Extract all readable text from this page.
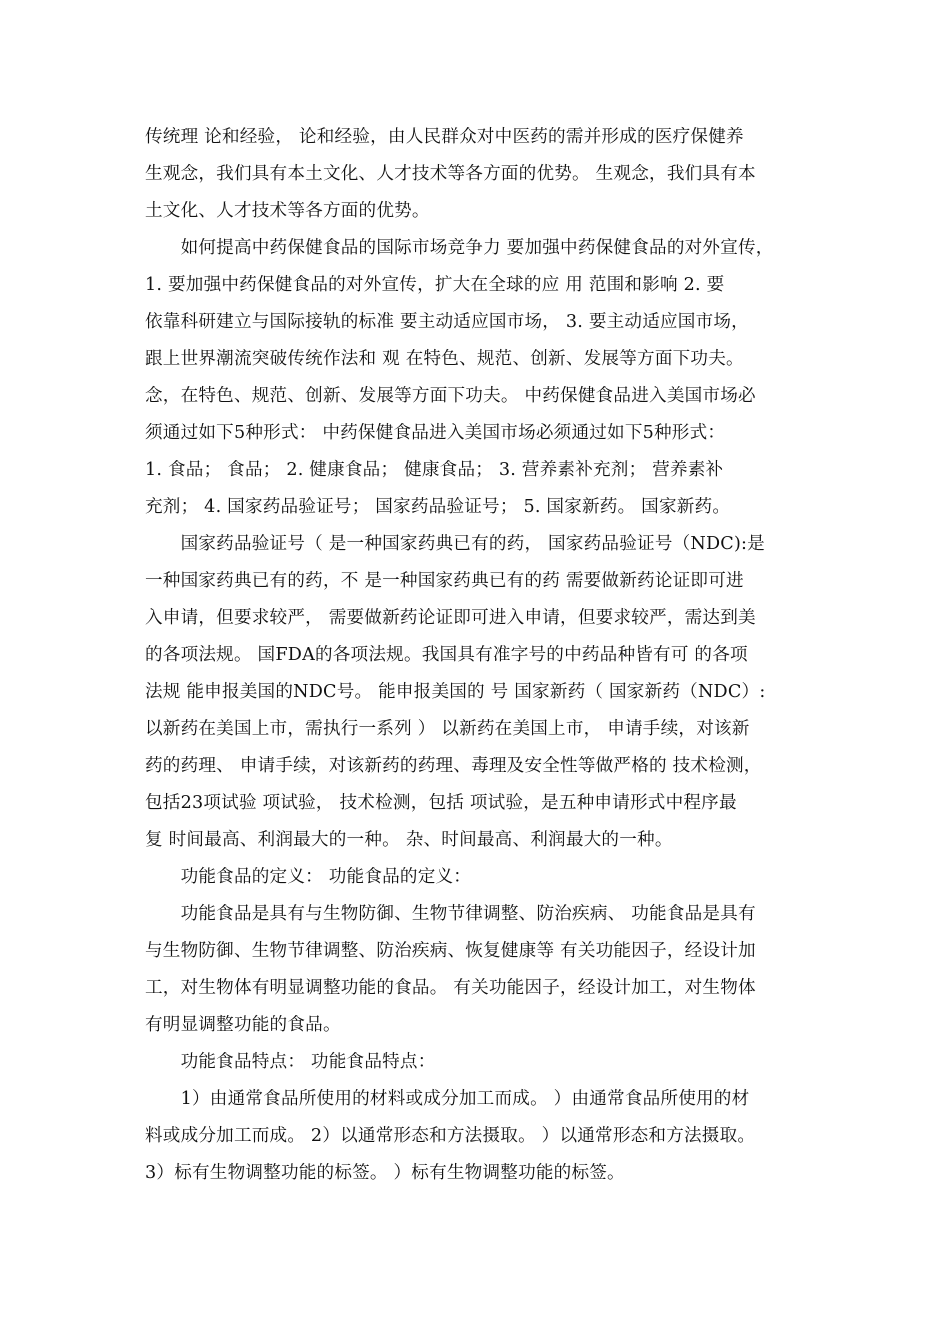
传统理 论和经验， 论和经验，由人民群众对中医药的需并形成的医疗保健养
生观念，我们具有本土文化、人才技术等各方面的优势。 生观念，我们具有本
土文化、人才技术等各方面的优势。
　　如何提高中药保健食品的国际市场竞争力 要加强中药保健食品的对外宣传，
1. 要加强中药保健食品的对外宣传，扩大在全球的应 用 范围和影响 2. 要
依靠科研建立与国际接轨的标准 要主动适应国市场， 3. 要主动适应国市场，
跟上世界潮流突破传统作法和 观 在特色、规范、创新、发展等方面下功夫。
念，在特色、规范、创新、发展等方面下功夫。 中药保健食品进入美国市场必
须通过如下5种形式： 中药保健食品进入美国市场必须通过如下5种形式：
1. 食品； 食品； 2. 健康食品； 健康食品； 3. 营养素补充剂； 营养素补
充剂； 4. 国家药品验证号； 国家药品验证号； 5. 国家新药。 国家新药。
　　国家药品验证号（ 是一种国家药典已有的药， 国家药品验证号（NDC):是
一种国家药典已有的药，不 是一种国家药典已有的药 需要做新药论证即可进
入申请，但要求较严， 需要做新药论证即可进入申请，但要求较严，需达到美
的各项法规。 国FDA的各项法规。我国具有准字号的中药品种皆有可 的各项
法规 能申报美国的NDC号。 能申报美国的 号 国家新药（ 国家新药（NDC）:
以新药在美国上市，需执行一系列 ） 以新药在美国上市， 申请手续，对该新
药的药理、 申请手续，对该新药的药理、毒理及安全性等做严格的 技术检测，
包括23项试验 项试验， 技术检测，包括 项试验，是五种申请形式中程序最
复 时间最高、利润最大的一种。 杂、时间最高、利润最大的一种。
　　功能食品的定义： 功能食品的定义：
　　功能食品是具有与生物防御、生物节律调整、防治疾病、 功能食品是具有
与生物防御、生物节律调整、防治疾病、恢复健康等 有关功能因子，经设计加
工，对生物体有明显调整功能的食品。 有关功能因子，经设计加工，对生物体
有明显调整功能的食品。
　　功能食品特点： 功能食品特点：
　　1）由通常食品所使用的材料或成分加工而成。 ）由通常食品所使用的材
料或成分加工而成。 2）以通常形态和方法摄取。 ）以通常形态和方法摄取。
3）标有生物调整功能的标签。 ）标有生物调整功能的标签。
